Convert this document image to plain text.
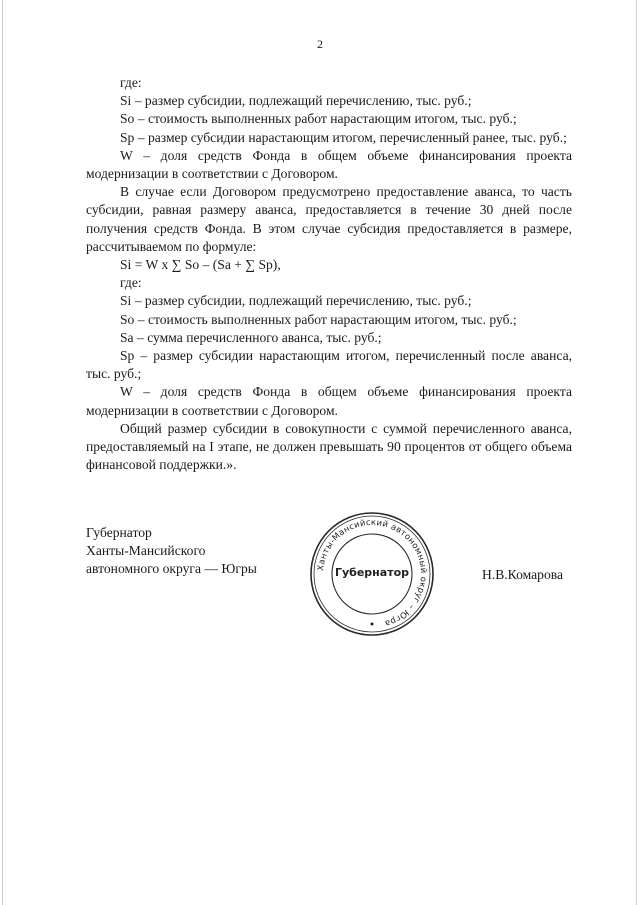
2

где:

Si – размер субсидии, подлежащий перечислению, тыс. руб.;

So – стоимость выполненных работ нарастающим итогом, тыс. руб.;

Sp – размер субсидии нарастающим итогом, перечисленный ранее, тыс. руб.;

W – доля средств Фонда в общем объеме финансирования проекта модернизации в соответствии с Договором.

В случае если Договором предусмотрено предоставление аванса, то часть субсидии, равная размеру аванса, предоставляется в течение 30 дней после получения средств Фонда. В этом случае субсидия предоставляется в размере, рассчитываемом по формуле:

Si = W x ∑ So – (Sa + ∑ Sp),

где:

Si – размер субсидии, подлежащий перечислению, тыс. руб.;

So – стоимость выполненных работ нарастающим итогом, тыс. руб.;

Sa – сумма перечисленного аванса, тыс. руб.;

Sp – размер субсидии нарастающим итогом, перечисленный после аванса, тыс. руб.;

W – доля средств Фонда в общем объеме финансирования проекта модернизации в соответствии с Договором.

Общий размер субсидии в совокупности с суммой перечисленного аванса, предоставляемый на I этапе, не должен превышать 90 процентов от общего объема финансовой поддержки.».

Губернатор
Ханты-Мансийского
автономного округа — Югры	Ханты-Мансийский автономный округ – Югра
Губернатор	Н.В.Комарова
